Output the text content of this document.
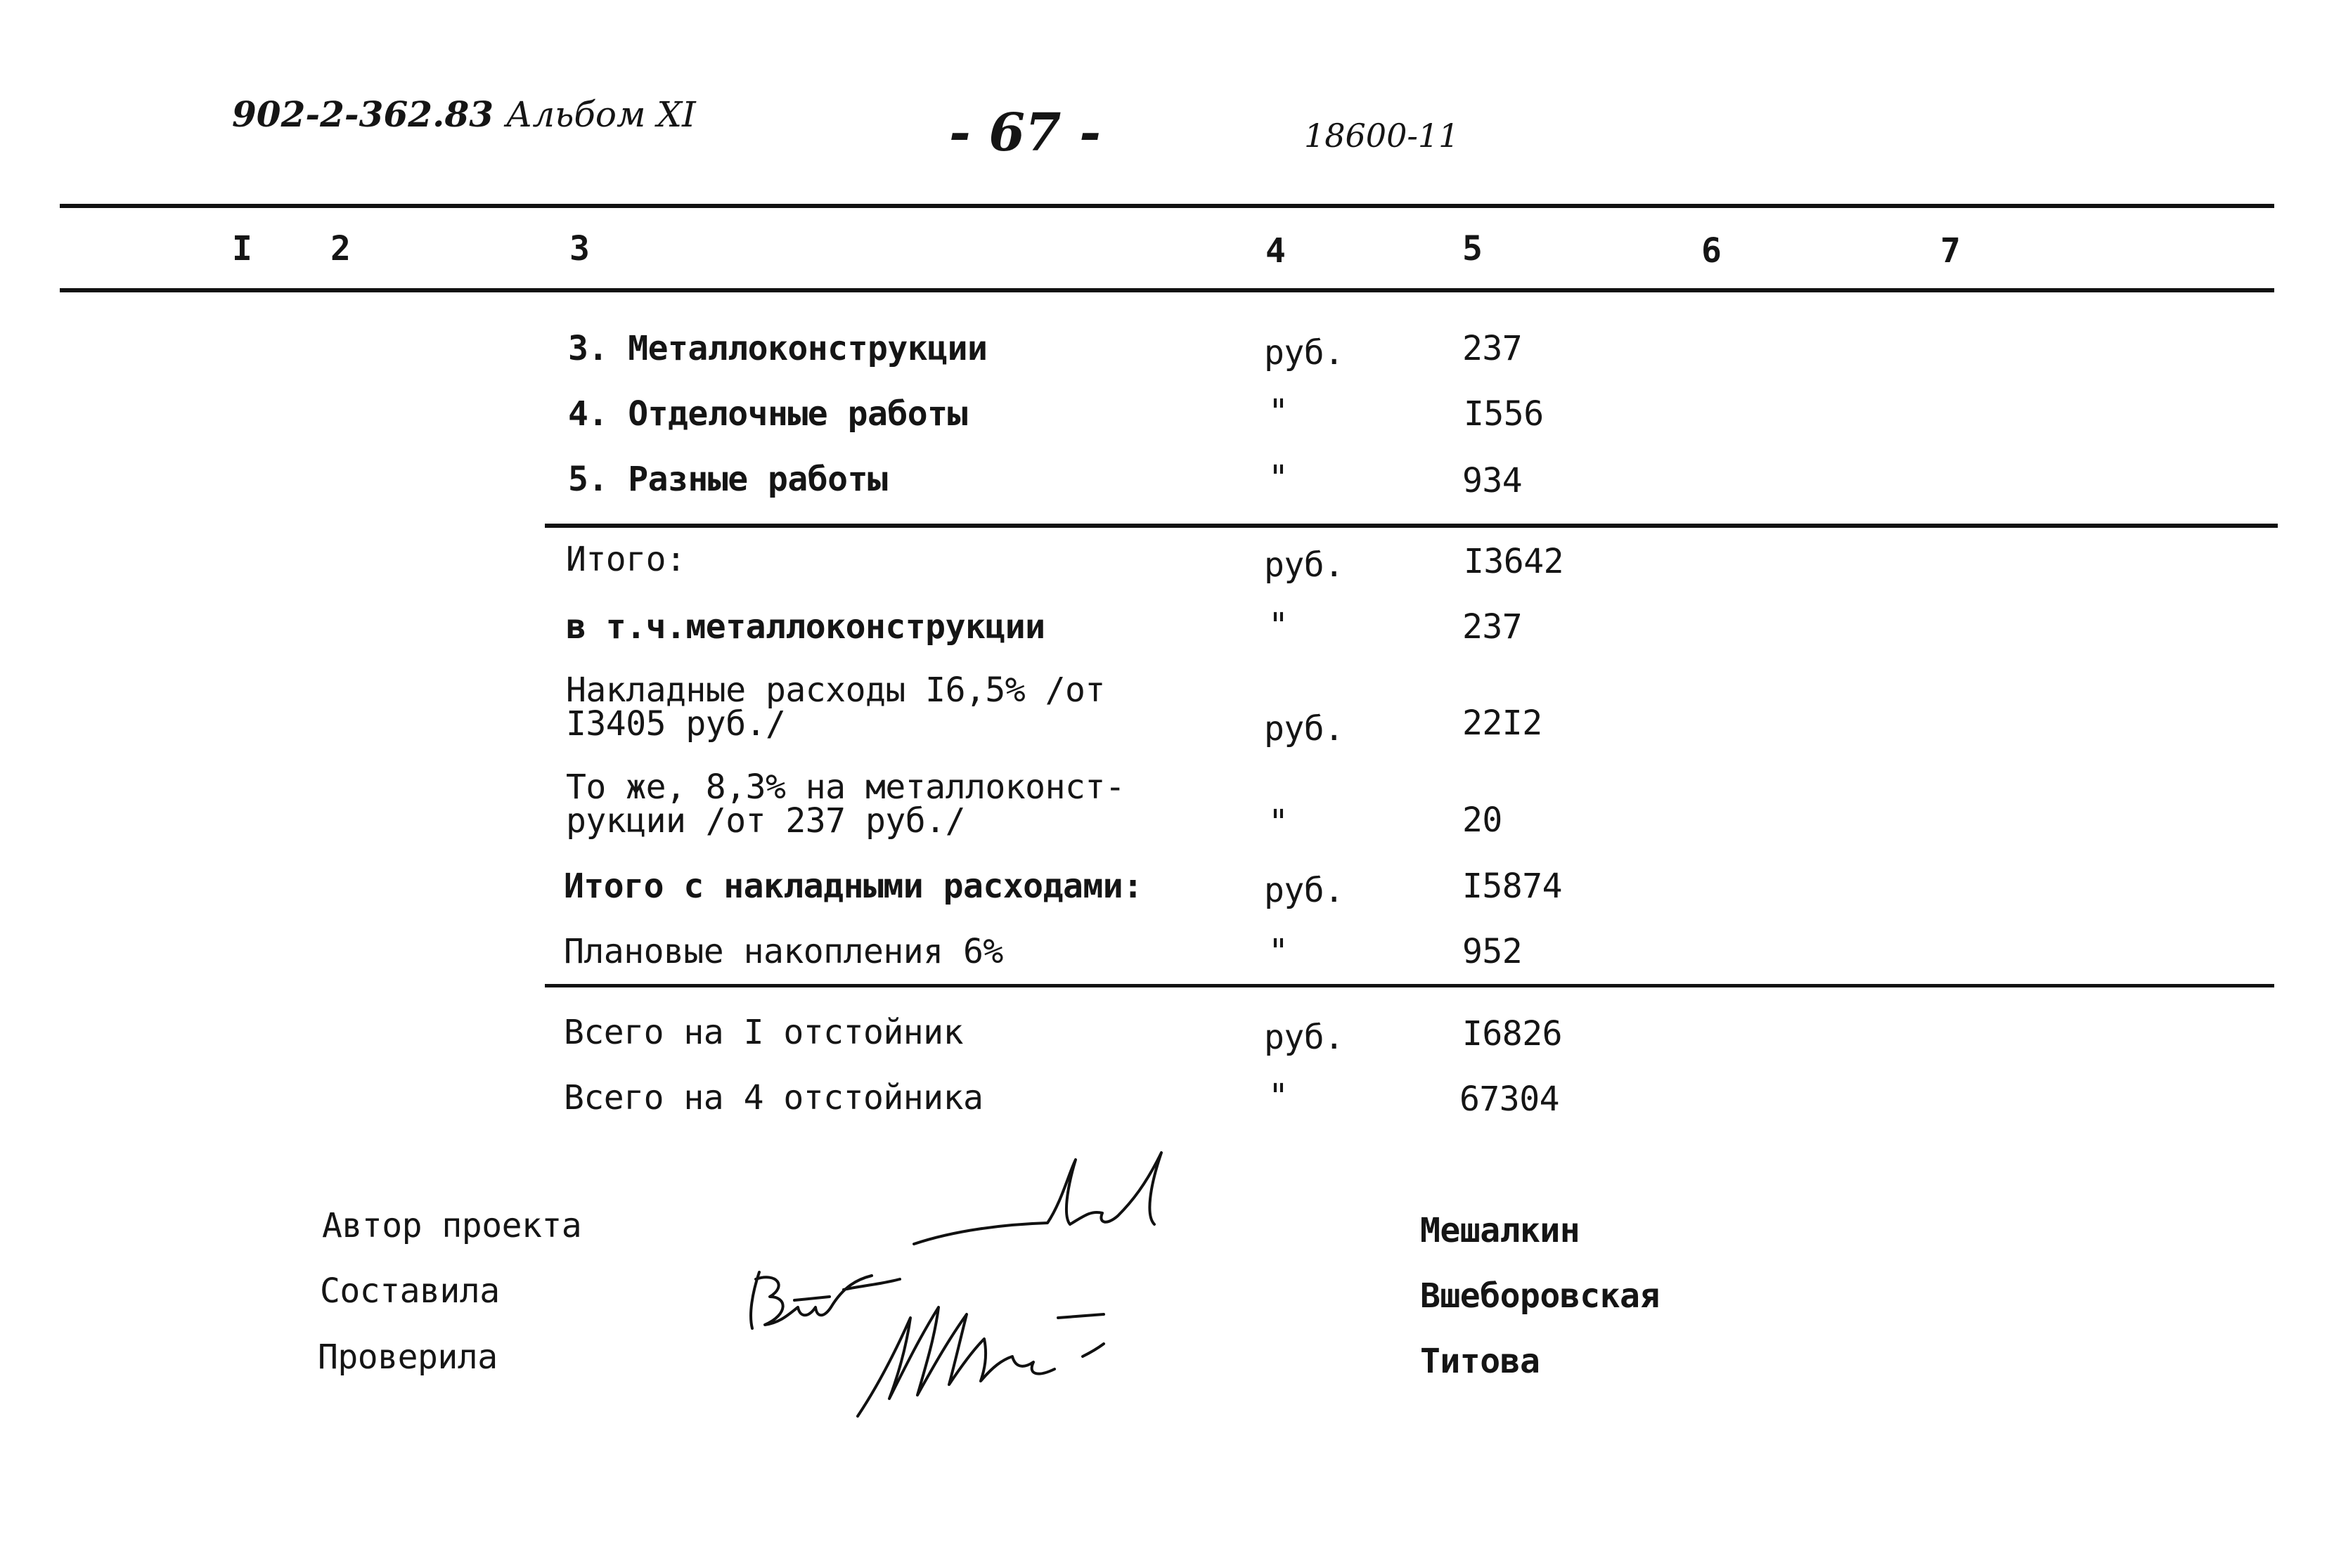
902-2-362.83 Альбом XI	- 67 -	18600-11
I 2	3	4	5	6	7
3. Металлоконструкции	руб.	237
4. Отделочные работы	"	I556
5. Разные работы	"	934
Итого:	руб.	I3642
в т.ч.металлоконструкции	"	237
Накладные расходы I6,5% /от
I3405 руб./	руб.	22I2
То же, 8,3% на металлоконст-
рукции /от 237 руб./	"	20
Итого с накладными расходами:	руб.	I5874
Плановые накопления 6%	"	952
Всего на I отстойник	руб.	I6826
Всего на 4 отстойника	"	67304
Автор проекта
Составила
Проверила
Мешалкин
Вшеборовская
Титова
